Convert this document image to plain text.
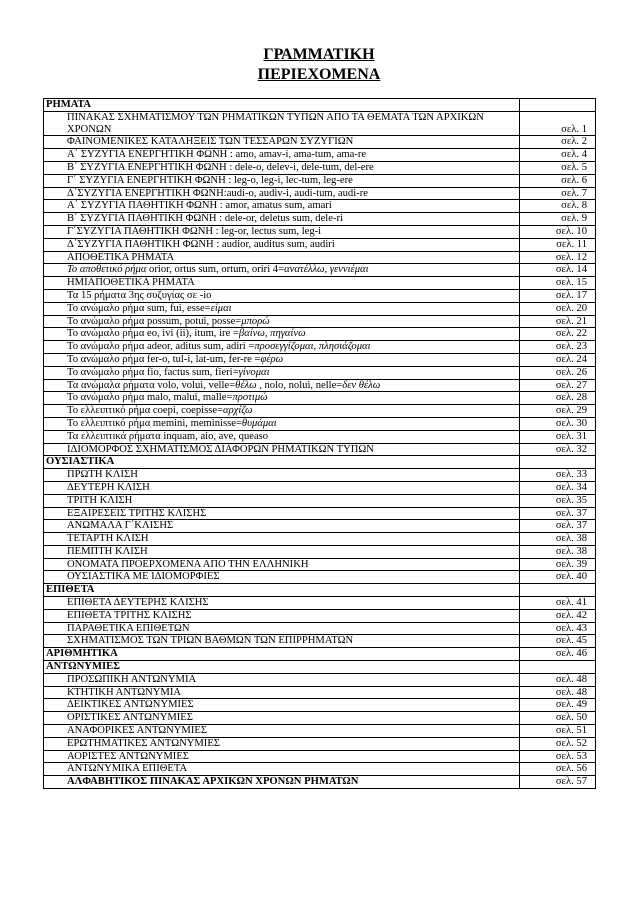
ΓΡΑΜΜΑΤΙΚΗ
ΠΕΡΙΕΧΟΜΕΝΑ
ΡΗΜΑΤΑ	
ΠΙΝΑΚΑΣ ΣΧΗΜΑΤΙΣΜΟΥ ΤΩΝ ΡΗΜΑΤΙΚΩΝ ΤΥΠΩΝ ΑΠΟ ΤΑ ΘΕΜΑΤΑ ΤΩΝ ΑΡΧΙΚΩΝ ΧΡΟΝΩΝ	σελ. 1
ΦΑΙΝΟΜΕΝΙΚΕΣ ΚΑΤΑΛΗΞΕΙΣ ΤΩΝ ΤΕΣΣΑΡΩΝ ΣΥΖΥΓΙΩΝ	σελ. 2
Α΄ ΣΥΖΥΓΙΑ ΕΝΕΡΓΗΤΙΚΗ ΦΩΝΗ : amo, amav-i, ama-tum, ama-re	σελ. 4
Β΄ ΣΥΖΥΓΙΑ ΕΝΕΡΓΗΤΙΚΗ ΦΩΝΗ : dele-o, delev-i, dele-tum, del-ere	σελ. 5
Γ΄ ΣΥΖΥΓΙΑ ΕΝΕΡΓΗΤΙΚΗ ΦΩΝΗ : leg-o, leg-i, lec-tum, leg-ere	σελ. 6
Δ΄ΣΥΖΥΓΙΑ ΕΝΕΡΓΗΤΙΚΗ ΦΩΝΗ:audi-o, audiv-i, audi-tum, audi-re	σελ. 7
Α΄ ΣΥΖΥΓΙΑ ΠΑΘΗΤΙΚΗ ΦΩΝΗ : amor, amatus sum, amari	σελ. 8
Β΄ ΣΥΖΥΓΙΑ ΠΑΘΗΤΙΚΗ ΦΩΝΗ : dele-or, deletus sum, dele-ri	σελ. 9
Γ΄ΣΥΖΥΓΙΑ ΠΑΘΗΤΙΚΗ ΦΩΝΗ : leg-or, lectus sum, leg-i	σελ. 10
Δ΄ΣΥΖΥΓΙΑ ΠΑΘΗΤΙΚΗ ΦΩΝΗ : audior, auditus sum, audiri	σελ. 11
ΑΠΟΘΕΤΙΚΑ ΡΗΜΑΤΑ	σελ. 12
Το αποθετικό ρήμα orior, ortus sum, ortum, oriri 4=ανατέλλω, γεννιέμαι	σελ. 14
ΗΜΙΑΠΟΘΕΤΙΚΑ ΡΗΜΑΤΑ	σελ. 15
Τα 15 ρήματα 3ης συζυγίας σε -io	σελ. 17
Το ανώμαλο ρήμα sum, fui, esse=είμαι	σελ. 20
Το ανώμαλο ρήμα possum, potui, posse=μπορώ	σελ. 21
Το ανώμαλο ρήμα eo, ivi (ii), itum, ire =βαίνω, πηγαίνω	σελ. 22
Το ανώμαλο ρήμα adeor, aditus sum, adiri =προσεγγίζομαι, πλησιάζομαι	σελ. 23
Το ανώμαλο ρήμα fer-o, tul-i, lat-um, fer-re =φέρω	σελ. 24
Το ανώμαλο ρήμα fio, factus sum, fieri=γίνομαι	σελ. 26
Τα ανώμαλα ρήματα volo, volui, velle=θέλω , nolo, nolui, nelle=δεν θέλω	σελ. 27
Το ανώμαλο ρήμα malo, malui, malle=προτιμώ	σελ. 28
Το ελλειπτικό ρήμα coepi, coepisse=αρχίζω	σελ. 29
Το ελλειπτικό ρήμα memini, meminisse=θυμάμαι	σελ. 30
Τα ελλειπτικά ρήματα inquam, aio, ave, queaso	σελ. 31
ΙΔΙΟΜΟΡΦΟΣ ΣΧΗΜΑΤΙΣΜΟΣ ΔΙΑΦΟΡΩΝ ΡΗΜΑΤΙΚΩΝ ΤΥΠΩΝ	σελ. 32
ΟΥΣΙΑΣΤΙΚΑ	
ΠΡΩΤΗ ΚΛΙΣΗ	σελ. 33
ΔΕΥΤΕΡΗ ΚΛΙΣΗ	σελ. 34
ΤΡΙΤΗ ΚΛΙΣΗ	σελ. 35
ΕΞΑΙΡΕΣΕΙΣ ΤΡΙΤΗΣ ΚΛΙΣΗΣ	σελ. 37
ΑΝΩΜΑΛΑ Γ΄ΚΛΙΣΗΣ	σελ. 37
ΤΕΤΑΡΤΗ ΚΛΙΣΗ	σελ. 38
ΠΕΜΠΤΗ ΚΛΙΣΗ	σελ. 38
ΟΝΟΜΑΤΑ ΠΡΟΕΡΧΟΜΕΝΑ ΑΠΟ ΤΗΝ ΕΛΛΗΝΙΚΗ	σελ. 39
ΟΥΣΙΑΣΤΙΚΑ ΜΕ ΙΔΙΟΜΟΡΦΙΕΣ	σελ. 40
ΕΠΙΘΕΤΑ	
ΕΠΙΘΕΤΑ ΔΕΥΤΕΡΗΣ ΚΛΙΣΗΣ	σελ. 41
ΕΠΙΘΕΤΑ ΤΡΙΤΗΣ ΚΛΙΣΗΣ	σελ. 42
ΠΑΡΑΘΕΤΙΚΑ ΕΠΙΘΕΤΩΝ	σελ. 43
ΣΧΗΜΑΤΙΣΜΟΣ ΤΩΝ ΤΡΙΩΝ ΒΑΘΜΩΝ ΤΩΝ ΕΠΙΡΡΗΜΑΤΩΝ	σελ. 45
ΑΡΙΘΜΗΤΙΚΑ	σελ. 46
ΑΝΤΩΝΥΜΙΕΣ	
ΠΡΟΣΩΠΙΚΗ ΑΝΤΩΝΥΜΙΑ	σελ. 48
ΚΤΗΤΙΚΗ ΑΝΤΩΝΥΜΙΑ	σελ. 48
ΔΕΙΚΤΙΚΕΣ ΑΝΤΩΝΥΜΙΕΣ	σελ. 49
ΟΡΙΣΤΙΚΕΣ ΑΝΤΩΝΥΜΙΕΣ	σελ. 50
ΑΝΑΦΟΡΙΚΕΣ ΑΝΤΩΝΥΜΙΕΣ	σελ. 51
ΕΡΩΤΗΜΑΤΙΚΕΣ ΑΝΤΩΝΥΜΙΕΣ	σελ. 52
ΑΟΡΙΣΤΕΣ ΑΝΤΩΝΥΜΙΕΣ	σελ. 53
ΑΝΤΩΝΥΜΙΚΑ ΕΠΙΘΕΤΑ	σελ. 56
ΑΛΦΑΒΗΤΙΚΟΣ ΠΙΝΑΚΑΣ ΑΡΧΙΚΩΝ ΧΡΟΝΩΝ ΡΗΜΑΤΩΝ	σελ. 57
